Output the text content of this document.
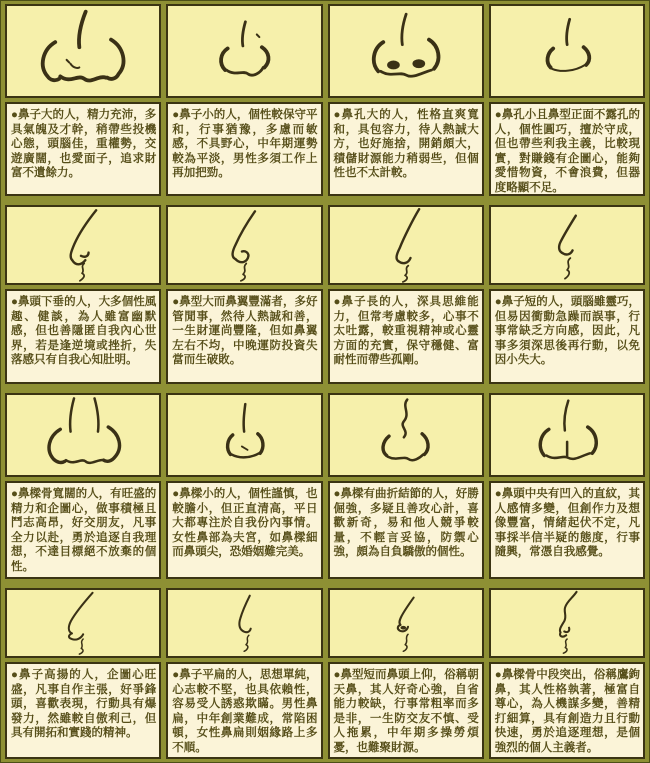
●鼻子大的人，精力充沛，多具氣魄及才幹，稍帶些投機心態，頭腦佳，重權勢，交遊廣闊，也愛面子，追求財富不遺餘力。
●鼻子小的人，個性較保守平和，行事猶豫，多慮而敏感，不具野心，中年期運勢較為平淡，男性多須工作上再加把勁。
●鼻孔大的人，性格直爽寬和，具包容力，待人熱誠大方，也好施捨，開銷頗大，積儲財源能力稍弱些，但個性也不太計較。
●鼻孔小且鼻型正面不露孔的人，個性圓巧，擅於守成，但也帶些利我主義，比較現實，對賺錢有企圖心，能夠愛惜物資，不會浪費，但器度略顯不足。
●鼻頭下垂的人，大多個性風趣、健談，為人雖富幽默感，但也善隱匿自我內心世界，若是逢逆境或挫折，失落感只有自我心知肚明。
●鼻型大而鼻翼豐滿者，多好管閒事，然待人熱誠和善，一生財運尚豐隆，但如鼻翼左右不均，中晚運防投資失當而生破敗。
●鼻子長的人，深具思維能力，但常考慮較多，心事不太吐露，較重視精神或心靈方面的充實，保守穩健、富耐性而帶些孤剛。
●鼻子短的人，頭腦雖靈巧，但易因衝動急躁而誤事，行事常缺乏方向感，因此，凡事多須深思後再行動，以免因小失大。
●鼻樑骨寬闊的人，有旺盛的精力和企圖心，做事積極且鬥志高昂，好交朋友，凡事全力以赴，勇於追逐自我理想，不達目標絕不放棄的個性。
●鼻樑小的人，個性謹慎，也較膽小，但正直清高，平日大都專注於自我份內事情。女性鼻部為夫宮，如鼻樑細而鼻頭尖，恐婚姻難完美。
●鼻樑有曲折結節的人，好勝倔強，多疑且善攻心計，喜歡新奇，易和他人競爭較量，不輕言妥協，防禦心強，頗為自負驕傲的個性。
●鼻頭中央有凹入的直紋，其人感情多變，但創作力及想像豐富，情緒起伏不定，凡事採半信半疑的態度，行事隨興，常憑自我感覺。
●鼻子高揚的人，企圖心旺盛，凡事自作主張，好爭鋒頭，喜歡表現，行動具有爆發力，然雖較自傲利己，但具有開拓和實踐的精神。
●鼻子平扁的人，思想單純，心志較不堅，也具依賴性，容易受人誘惑欺瞞。男性鼻扁，中年創業難成，常陷困頓，女性鼻扁則姻緣路上多不順。
●鼻型短而鼻頭上仰，俗稱朝天鼻，其人好奇心強，自省能力較缺，行事常粗率而多是非，一生防交友不慎、受人拖累，中年期多操勞煩憂，也難聚財源。
●鼻樑骨中段突出，俗稱鷹鉤鼻，其人性格執著，極富自尊心，為人機謀多變，善精打細算，具有創造力且行動快速，勇於追逐理想，是個強烈的個人主義者。
